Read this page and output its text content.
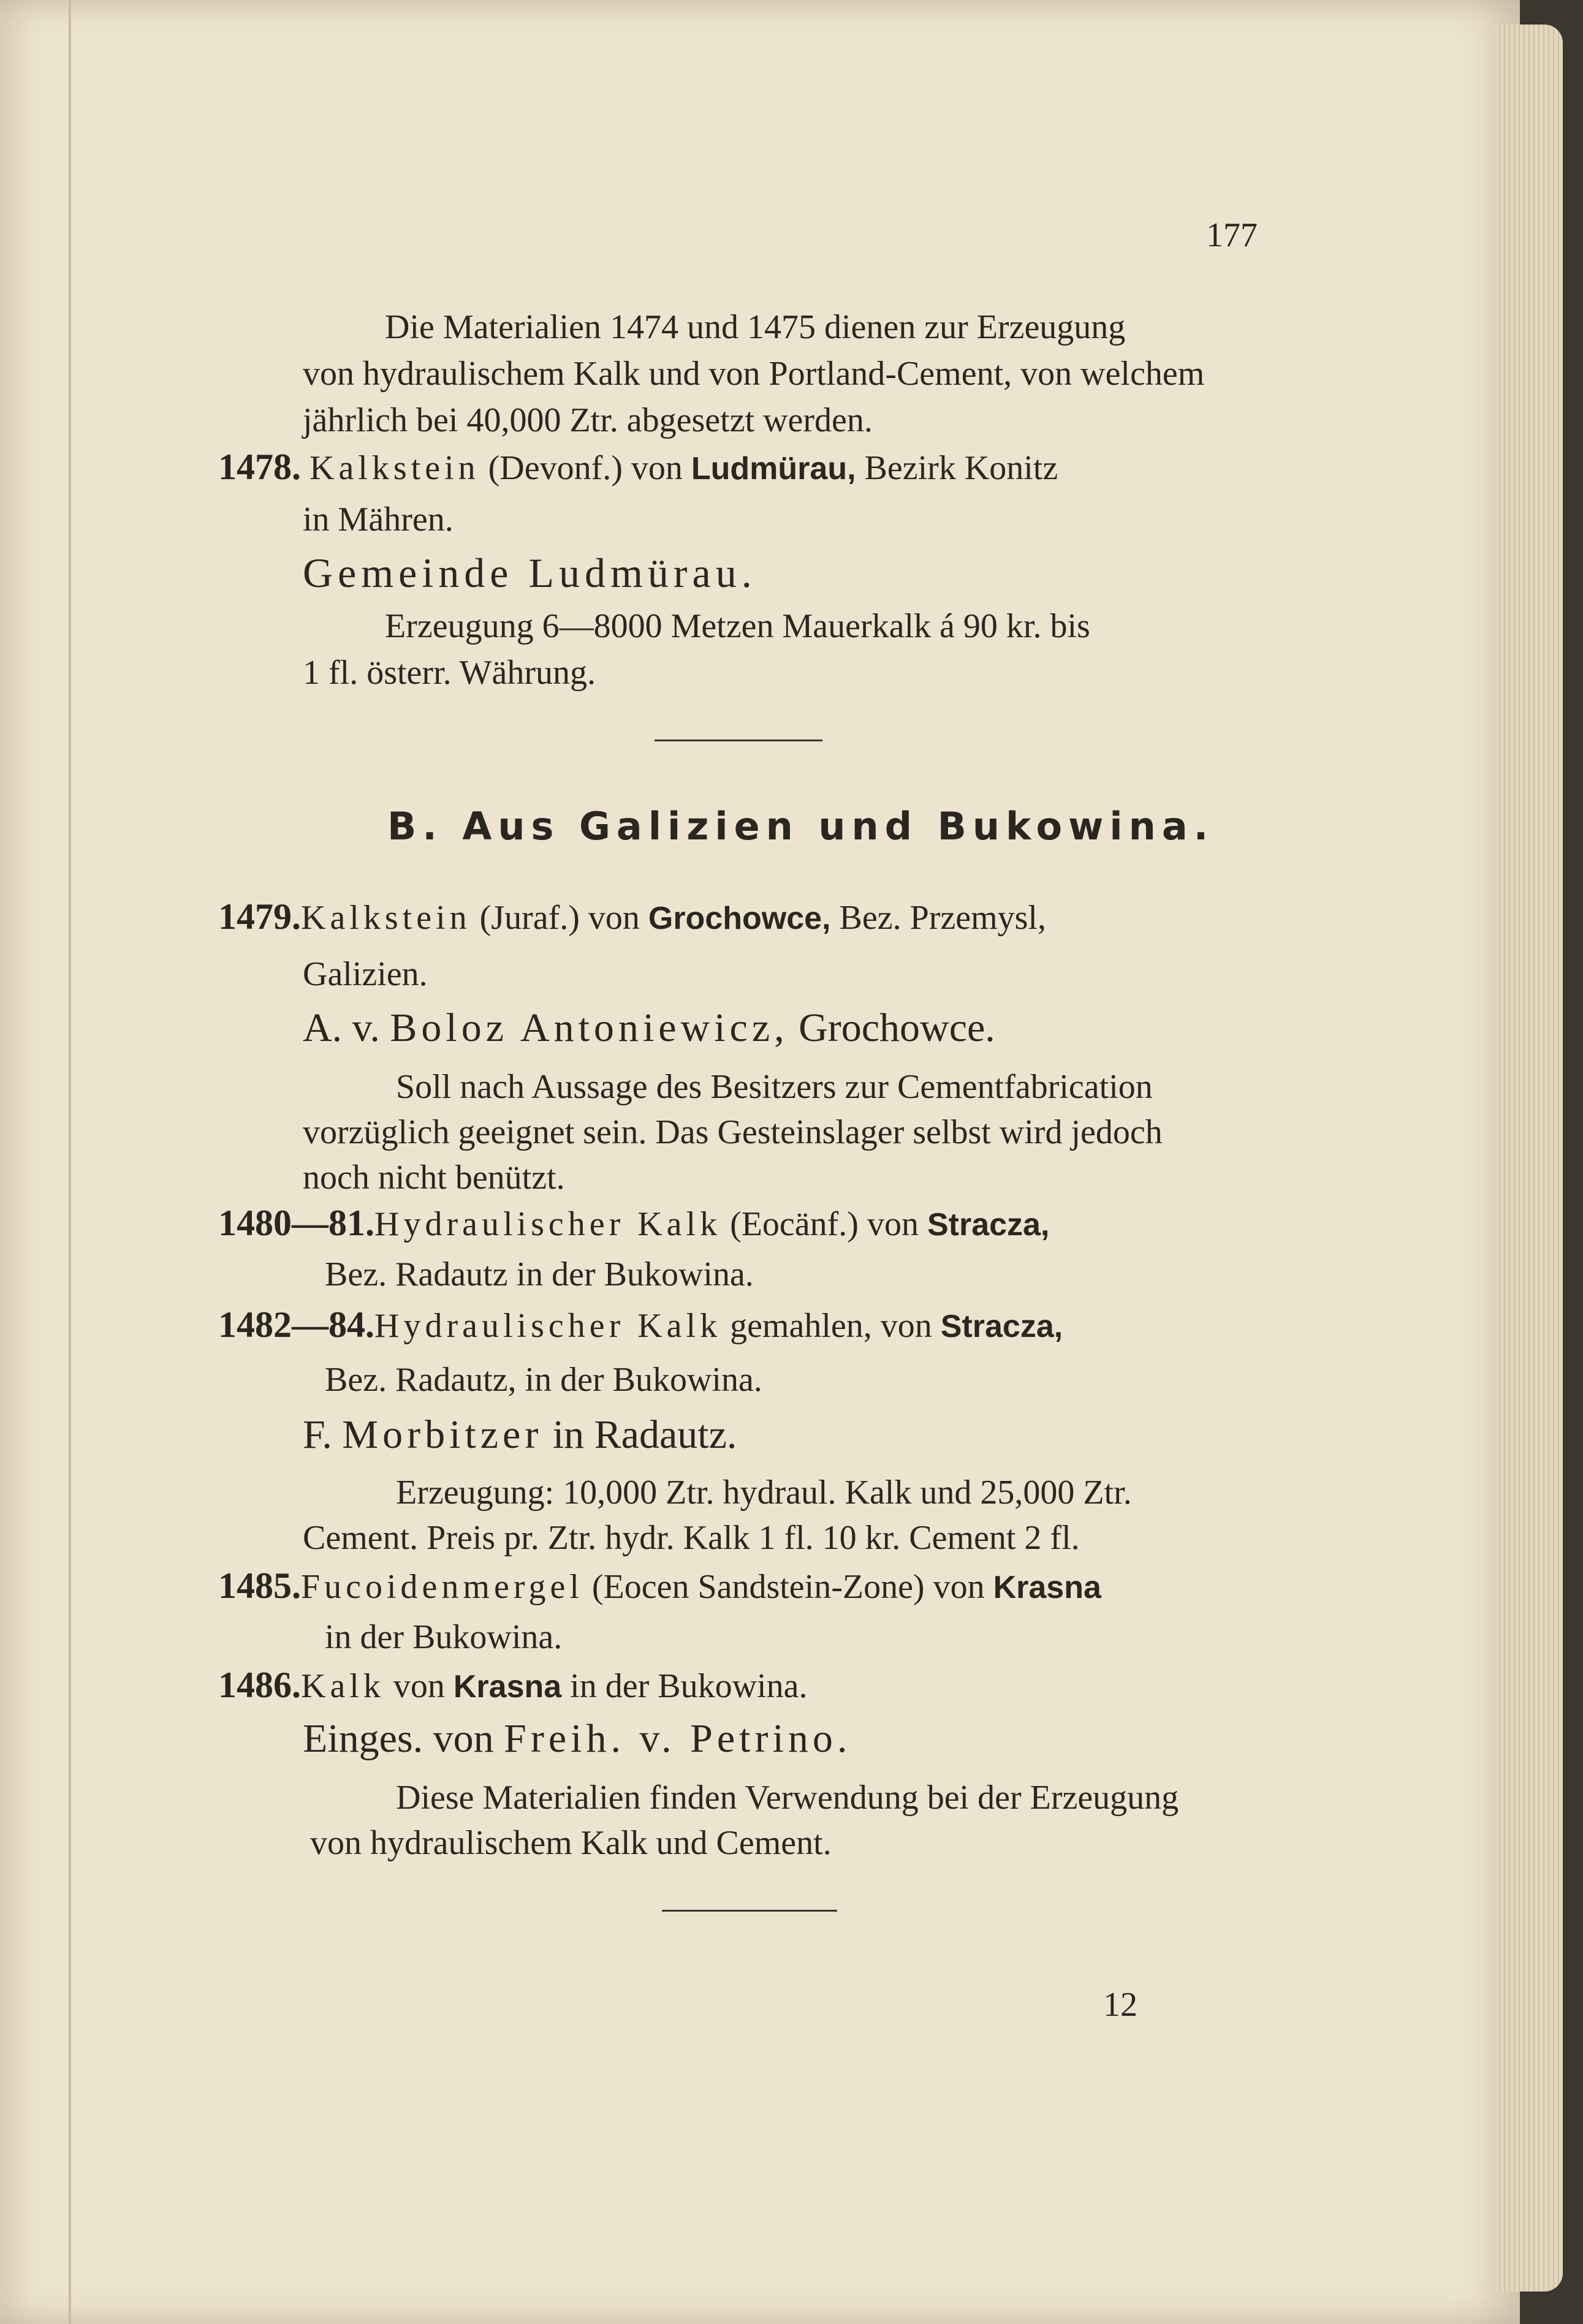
177
Die Materialien 1474 und 1475 dienen zur Erzeugung
von hydraulischem Kalk und von Portland-Cement, von welchem
jährlich bei 40,000 Ztr. abgesetzt werden.
1478. Kalkstein (Devonf.) von Ludmürau, Bezirk Konitz
in Mähren.
Gemeinde Ludmürau.
Erzeugung 6—8000 Metzen Mauerkalk á 90 kr. bis
1 fl. österr. Währung.
B. Aus Galizien und Bukowina.
1479.Kalkstein (Juraf.) von Grochowce, Bez. Przemysl,
Galizien.
A. v. Boloz Antoniewicz, Grochowce.
Soll nach Aussage des Besitzers zur Cementfabrication
vorzüglich geeignet sein. Das Gesteinslager selbst wird jedoch
noch nicht benützt.
1480—81.Hydraulischer Kalk (Eocänf.) von Stracza,
Bez. Radautz in der Bukowina.
1482—84.Hydraulischer Kalk gemahlen, von Stracza,
Bez. Radautz, in der Bukowina.
F. Morbitzer in Radautz.
Erzeugung: 10,000 Ztr. hydraul. Kalk und 25,000 Ztr.
Cement. Preis pr. Ztr. hydr. Kalk 1 fl. 10 kr. Cement 2 fl.
1485.Fucoidenmergel (Eocen Sandstein-Zone) von Krasna
in der Bukowina.
1486.Kalk von Krasna in der Bukowina.
Einges. von Freih. v. Petrino.
Diese Materialien finden Verwendung bei der Erzeugung
von hydraulischem Kalk und Cement.
12
